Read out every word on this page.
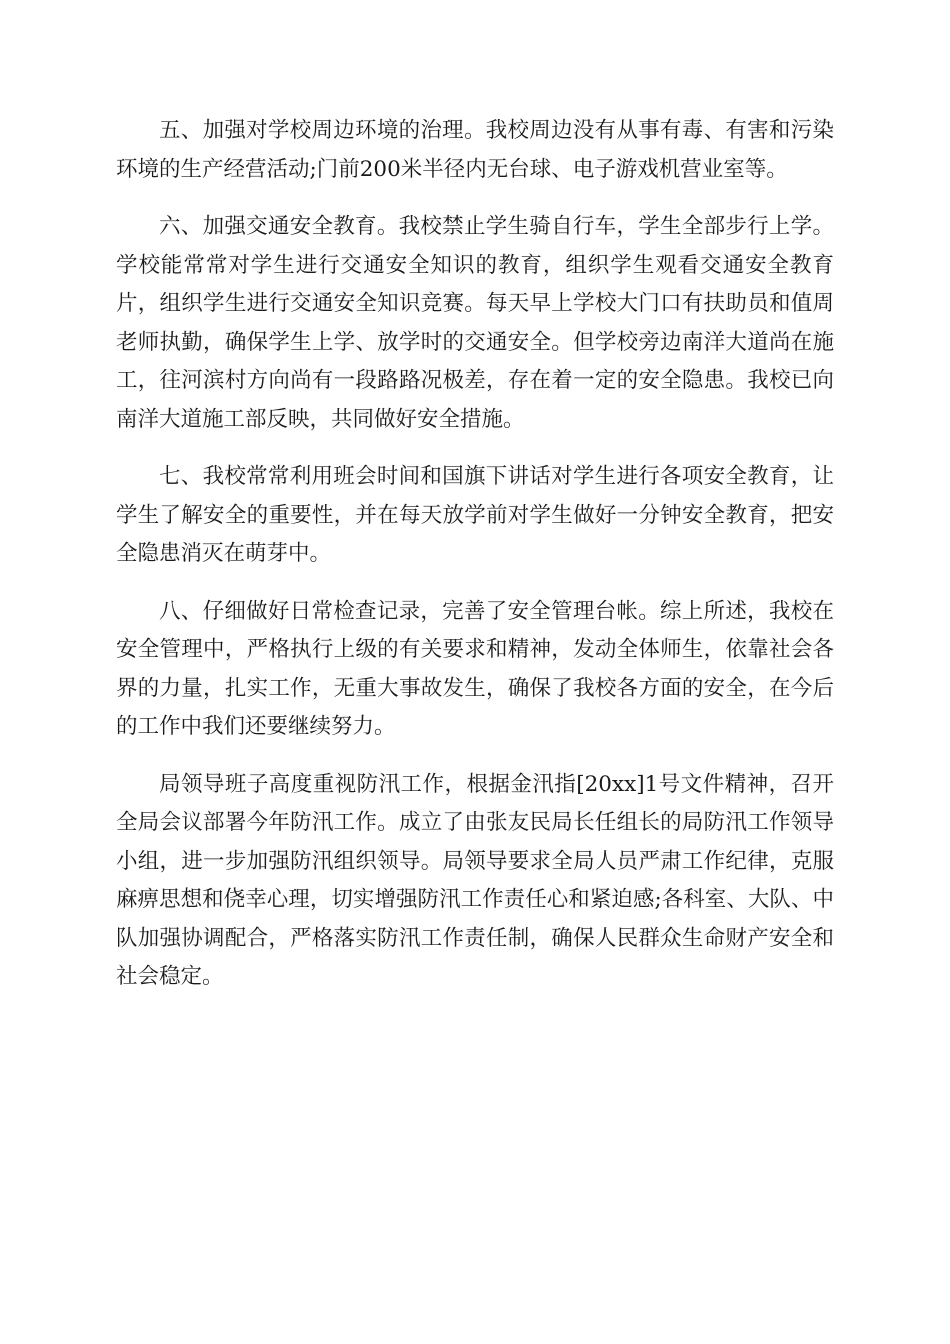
五、加强对学校周边环境的治理。我校周边没有从事有毒、有害和污染环境的生产经营活动;门前200米半径内无台球、电子游戏机营业室等。

六、加强交通安全教育。我校禁止学生骑自行车，学生全部步行上学。学校能常常对学生进行交通安全知识的教育，组织学生观看交通安全教育片，组织学生进行交通安全知识竞赛。每天早上学校大门口有扶助员和值周老师执勤，确保学生上学、放学时的交通安全。但学校旁边南洋大道尚在施工，往河滨村方向尚有一段路路况极差，存在着一定的安全隐患。我校已向南洋大道施工部反映，共同做好安全措施。

七、我校常常利用班会时间和国旗下讲话对学生进行各项安全教育，让学生了解安全的重要性，并在每天放学前对学生做好一分钟安全教育，把安全隐患消灭在萌芽中。

八、仔细做好日常检查记录，完善了安全管理台帐。综上所述，我校在安全管理中，严格执行上级的有关要求和精神，发动全体师生，依靠社会各界的力量，扎实工作，无重大事故发生，确保了我校各方面的安全，在今后的工作中我们还要继续努力。

局领导班子高度重视防汛工作，根据金汛指[20xx]1号文件精神，召开全局会议部署今年防汛工作。成立了由张友民局长任组长的局防汛工作领导小组，进一步加强防汛组织领导。局领导要求全局人员严肃工作纪律，克服麻痹思想和侥幸心理，切实增强防汛工作责任心和紧迫感;各科室、大队、中队加强协调配合，严格落实防汛工作责任制，确保人民群众生命财产安全和社会稳定。
